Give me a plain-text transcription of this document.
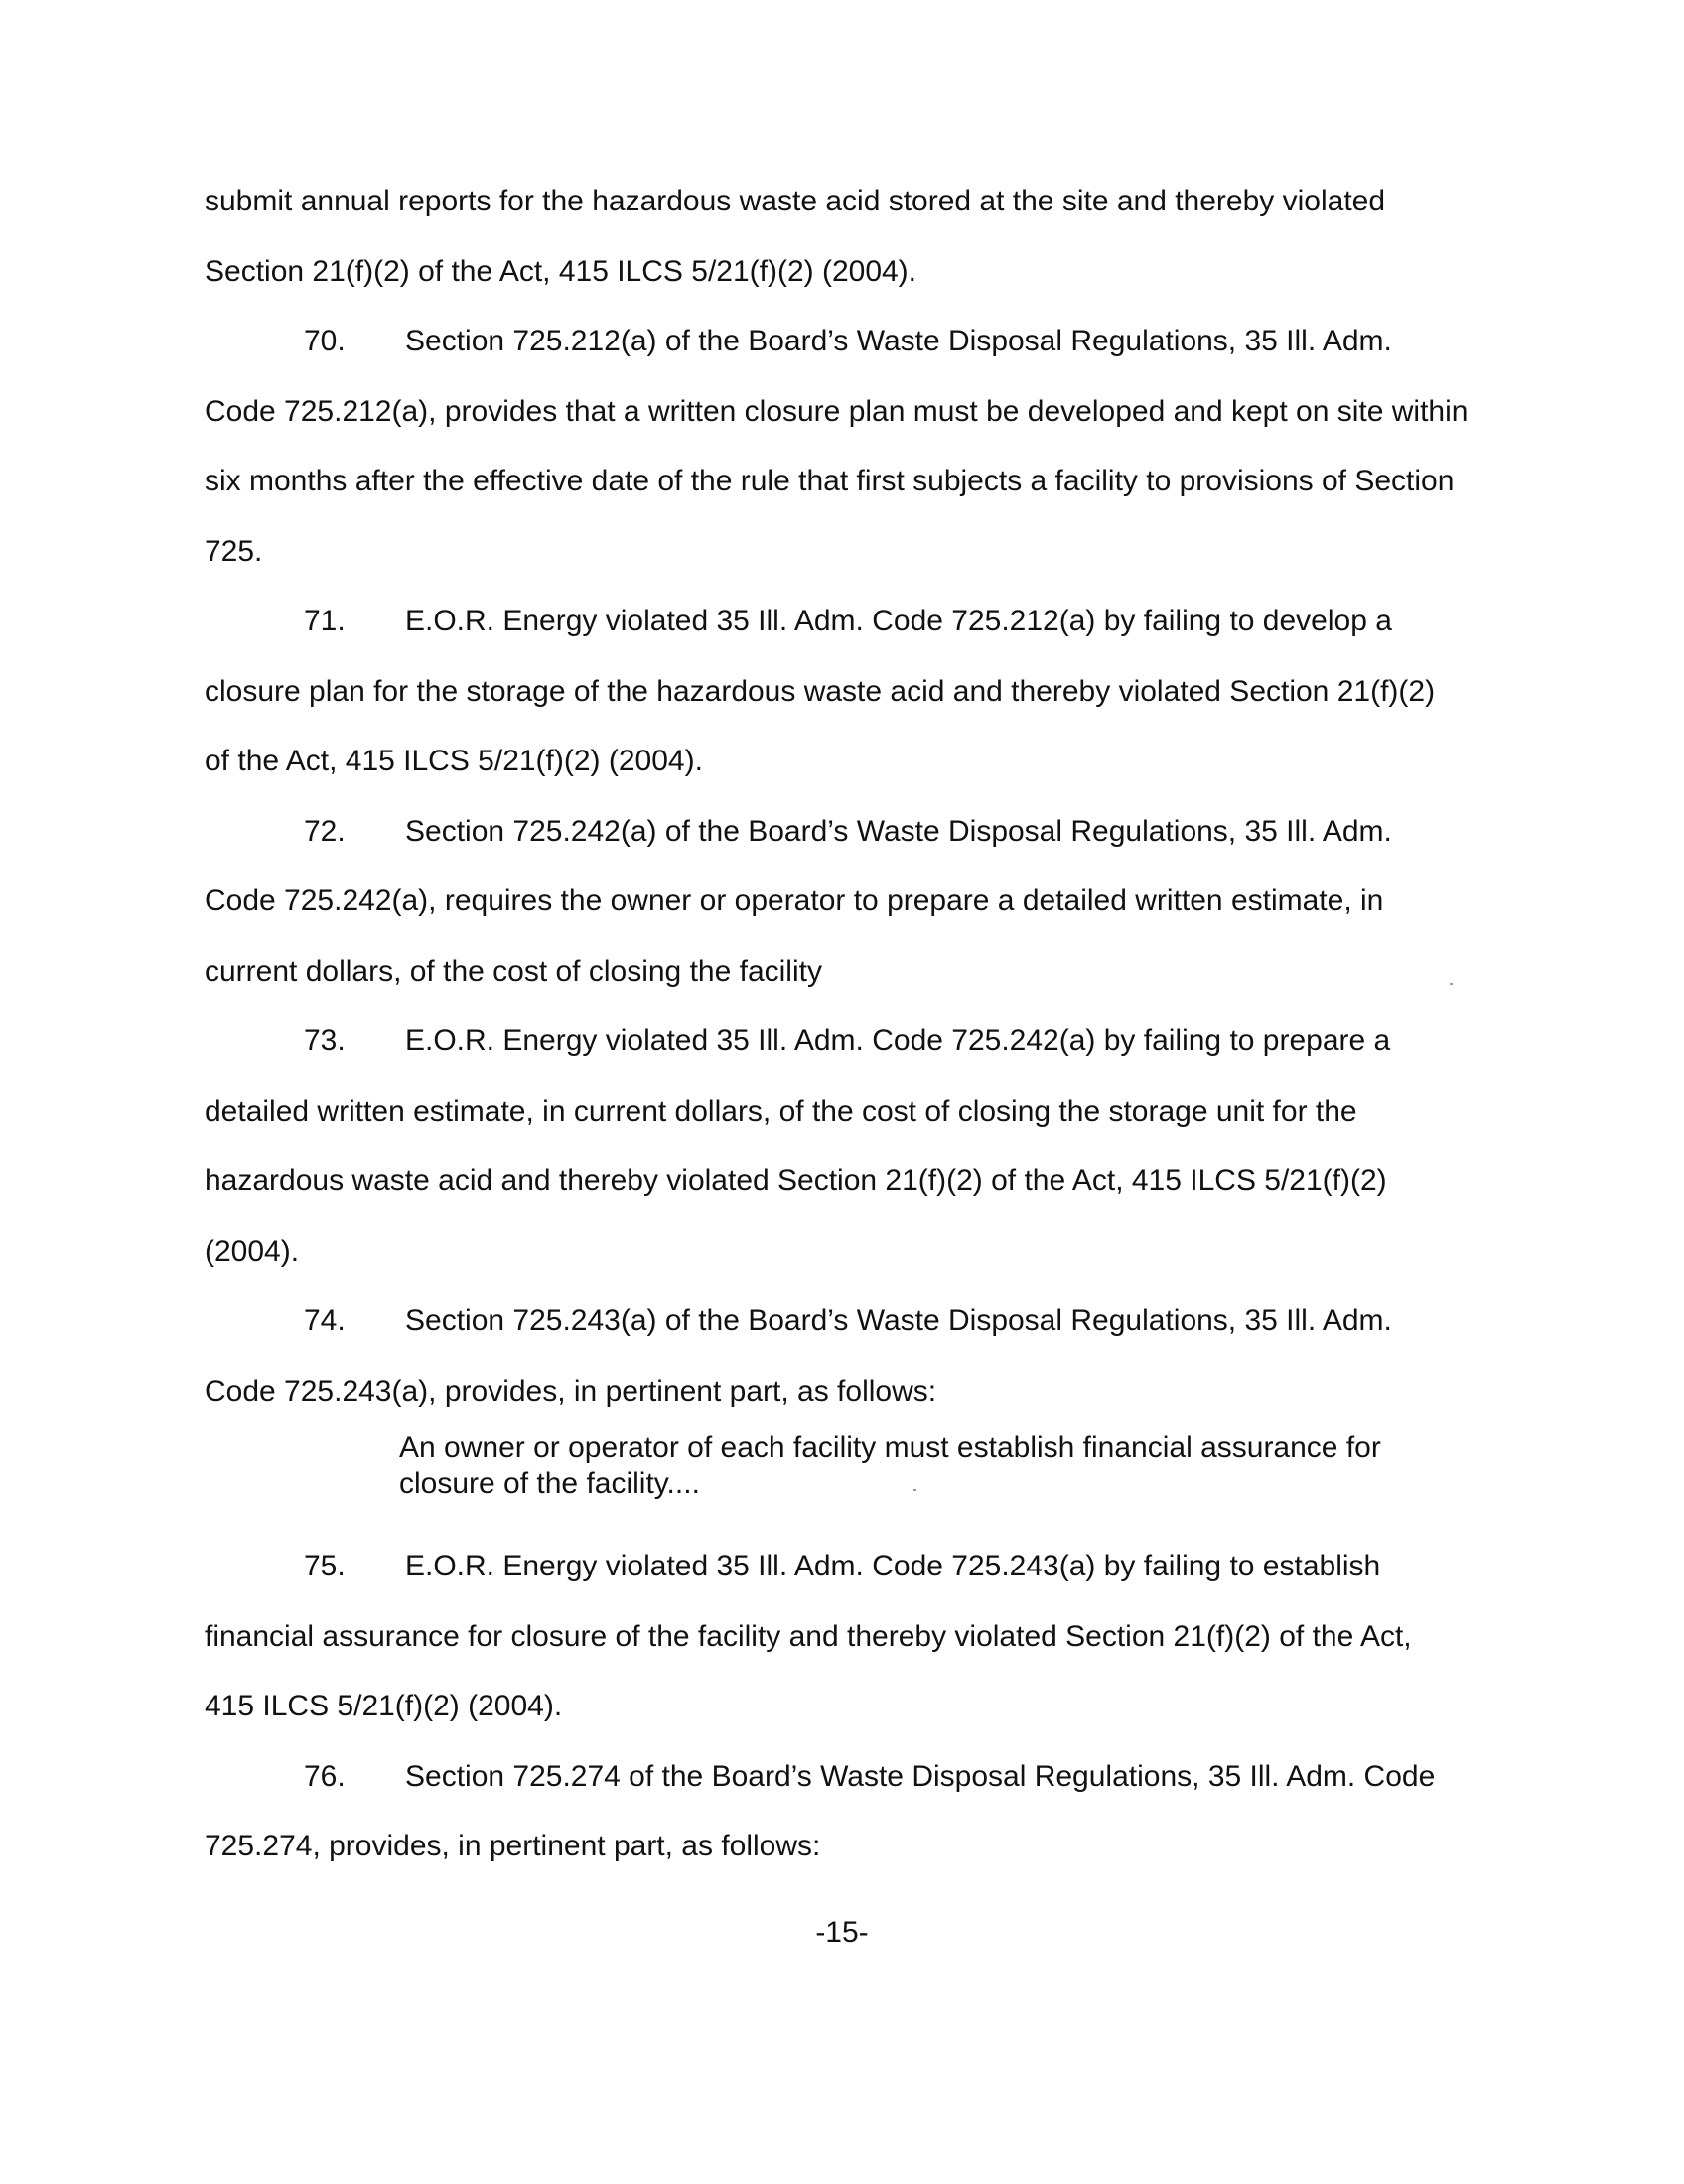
submit annual reports for the hazardous waste acid stored at the site and thereby violated
Section 21(f)(2) of the Act, 415 ILCS 5/21(f)(2) (2004).
70. Section 725.212(a) of the Board’s Waste Disposal Regulations, 35 Ill. Adm.
Code 725.212(a), provides that a written closure plan must be developed and kept on site within
six months after the effective date of the rule that first subjects a facility to provisions of Section
725.
71. E.O.R. Energy violated 35 Ill. Adm. Code 725.212(a) by failing to develop a
closure plan for the storage of the hazardous waste acid and thereby violated Section 21(f)(2)
of the Act, 415 ILCS 5/21(f)(2) (2004).
72. Section 725.242(a) of the Board’s Waste Disposal Regulations, 35 Ill. Adm.
Code 725.242(a), requires the owner or operator to prepare a detailed written estimate, in
current dollars, of the cost of closing the facility
73. E.O.R. Energy violated 35 Ill. Adm. Code 725.242(a) by failing to prepare a
detailed written estimate, in current dollars, of the cost of closing the storage unit for the
hazardous waste acid and thereby violated Section 21(f)(2) of the Act, 415 ILCS 5/21(f)(2)
(2004).
74. Section 725.243(a) of the Board’s Waste Disposal Regulations, 35 Ill. Adm.
Code 725.243(a), provides, in pertinent part, as follows:
An owner or operator of each facility must establish financial assurance for
closure of the facility....
75. E.O.R. Energy violated 35 Ill. Adm. Code 725.243(a) by failing to establish
financial assurance for closure of the facility and thereby violated Section 21(f)(2) of the Act,
415 ILCS 5/21(f)(2) (2004).
76. Section 725.274 of the Board’s Waste Disposal Regulations, 35 Ill. Adm. Code
725.274, provides, in pertinent part, as follows:
-15-
